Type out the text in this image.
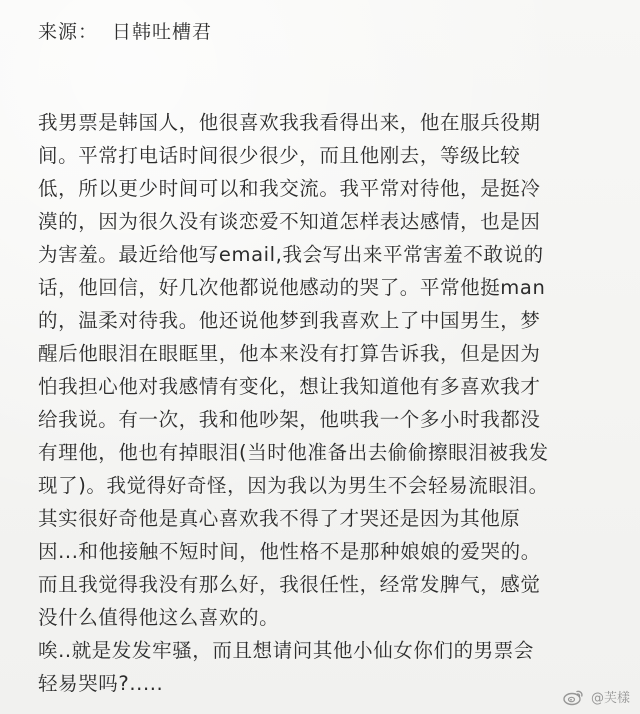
来源： 日韩吐槽君
我男票是韩国人，他很喜欢我我看得出来，他在服兵役期
间。平常打电话时间很少很少，而且他刚去，等级比较
低，所以更少时间可以和我交流。我平常对待他，是挺冷
漠的，因为很久没有谈恋爱不知道怎样表达感情，也是因
为害羞。最近给他写email,我会写出来平常害羞不敢说的
话，他回信，好几次他都说他感动的哭了。平常他挺man
的，温柔对待我。他还说他梦到我喜欢上了中国男生，梦
醒后他眼泪在眼眶里，他本来没有打算告诉我，但是因为
怕我担心他对我感情有变化，想让我知道他有多喜欢我才
给我说。有一次，我和他吵架，他哄我一个多小时我都没
有理他，他也有掉眼泪(当时他准备出去偷偷擦眼泪被我发
现了)。我觉得好奇怪，因为我以为男生不会轻易流眼泪。
其实很好奇他是真心喜欢我不得了才哭还是因为其他原
因...和他接触不短时间，他性格不是那种娘娘的爱哭的。
而且我觉得我没有那么好，我很任性，经常发脾气，感觉
没什么值得他这么喜欢的。
唉..就是发发牢骚，而且想请问其他小仙女你们的男票会
轻易哭吗?.....
@芙樣
